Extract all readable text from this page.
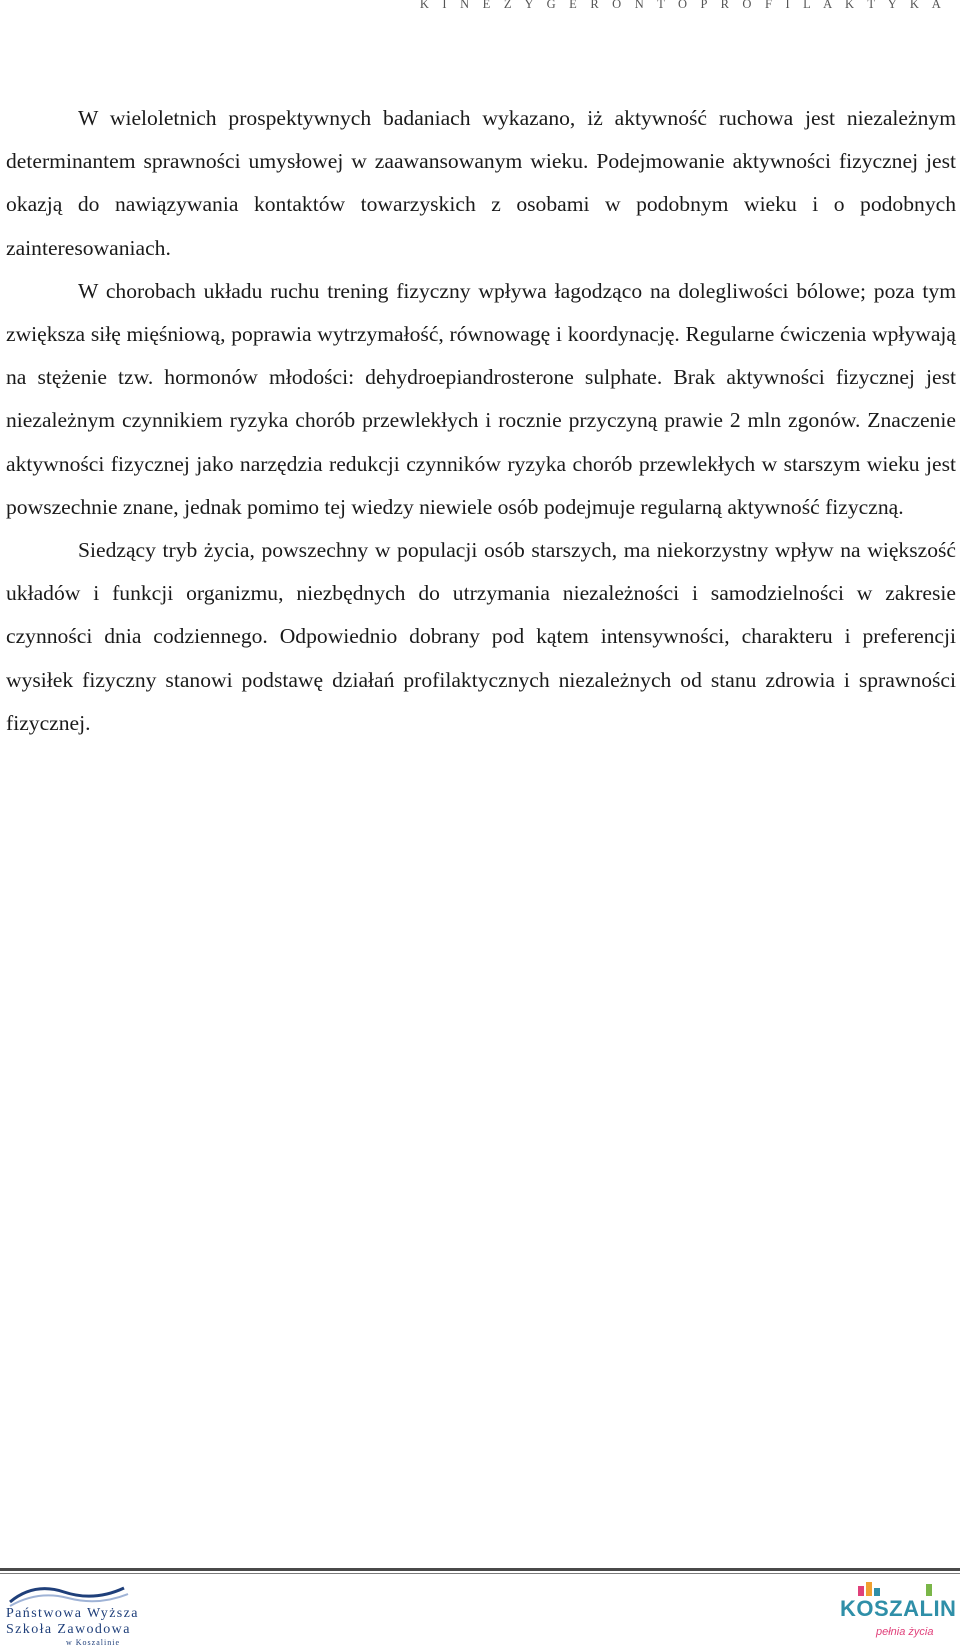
K I N E Z Y G E R O N T O P R O F I L A K T Y K A

W wieloletnich prospektywnych badaniach wykazano, iż aktywność ruchowa jest niezależnym determinantem sprawności umysłowej w zaawansowanym wieku. Podejmowanie aktywności fizycznej jest okazją do nawiązywania kontaktów towarzyskich z osobami w podobnym wieku i o podobnych zainteresowaniach.

W chorobach układu ruchu trening fizyczny wpływa łagodząco na dolegliwości bólowe; poza tym zwiększa siłę mięśniową, poprawia wytrzymałość, równowagę i koordynację. Regularne ćwiczenia wpływają na stężenie tzw. hormonów młodości: dehydroepiandrosterone sulphate. Brak aktywności fizycznej jest niezależnym czynnikiem ryzyka chorób przewlekłych i rocznie przyczyną prawie 2 mln zgonów. Znaczenie aktywności fizycznej jako narzędzia redukcji czynników ryzyka chorób przewlekłych w starszym wieku jest powszechnie znane, jednak pomimo tej wiedzy niewiele osób podejmuje regularną aktywność fizyczną.

Siedzący tryb życia, powszechny w populacji osób starszych, ma niekorzystny wpływ na większość układów i funkcji organizmu, niezbędnych do utrzymania niezależności i samodzielności w zakresie czynności dnia codziennego. Odpowiednio dobrany pod kątem intensywności, charakteru i preferencji wysiłek fizyczny stanowi podstawę działań profilaktycznych niezależnych od stanu zdrowia i sprawności fizycznej.

Państwowa Wyższa
Szkoła Zawodowa
w Koszalinie
KOSZALIN
pełnia życia
